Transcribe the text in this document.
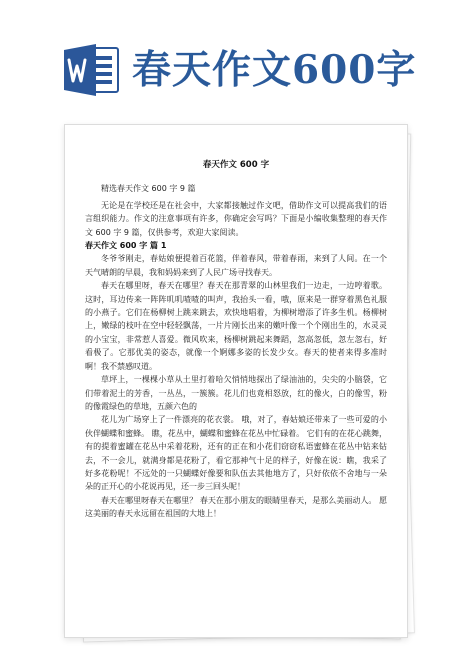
春天作文600字
春天作文 600 字

精选春天作文 600 字 9 篇

无论是在学校还是在社会中，大家都接触过作文吧，借助作文可以提高我们的语言组织能力。作文的注意事项有许多，你确定会写吗？下面是小编收集整理的春天作文 600 字 9 篇，仅供参考，欢迎大家阅读。

春天作文 600 字 篇 1

冬爷爷刚走，春姑娘便提着百花篮，伴着春风，带着春雨，来到了人间。在一个天气晴朗的早晨，我和妈妈来到了人民广场寻找春天。

春天在哪里呀，春天在哪里？春天在那青翠的山林里我们一边走，一边哼着歌。这时，耳边传来一阵阵叽叽喳喳的叫声，我抬头一看，哦，原来是一群穿着黑色礼服的小燕子。它们在杨柳树上跳来跳去，欢快地唱着，为柳树增添了许多生机。杨柳树上，嫩绿的枝叶在空中轻轻飘荡，一片片刚长出来的嫩叶像一个个刚出生的，水灵灵的小宝宝，非常惹人喜爱。微风吹来，杨柳树跳起来舞蹈，忽高忽低，忽左忽右，好看极了。它那优美的姿态，就像一个婀娜多姿的长发少女。春天的使者来得多准时啊！我不禁感叹道。

草坪上，一棵棵小草从土里打着哈欠悄悄地探出了绿油油的，尖尖的小脑袋，它们带着泥土的芳香，一丛丛，一簇簇。花儿们也竟相怒放，红的像火，白的像雪，粉的像霞绿色的草地，五颜六色的

花儿为广场穿上了一件漂亮的花衣裳。 哦，对了，春姑娘还带来了一些可爱的小伙伴蝴蝶和蜜蜂。 瞧，花丛中，蝴蝶和蜜蜂在花丛中忙碌着。 它们有的在花心跳舞，有的提着蜜罐在花丛中采着花粉，还有的正在和小花们窃窃私语蜜蜂在花丛中钻来钻去，不一会儿，就满身都是花粉了，看它那神气十足的样子，好像在说：瞧，我采了好多花粉呢！不远处的一只蝴蝶好像要和队伍去其他地方了，只好依依不舍地与一朵朵的正开心的小花说再见，还一步三回头呢！

春天在哪里呀春天在哪里？ 春天在那小朋友的眼睛里春天，是那么美丽动人。 愿这美丽的春天永远留在祖国的大地上！
